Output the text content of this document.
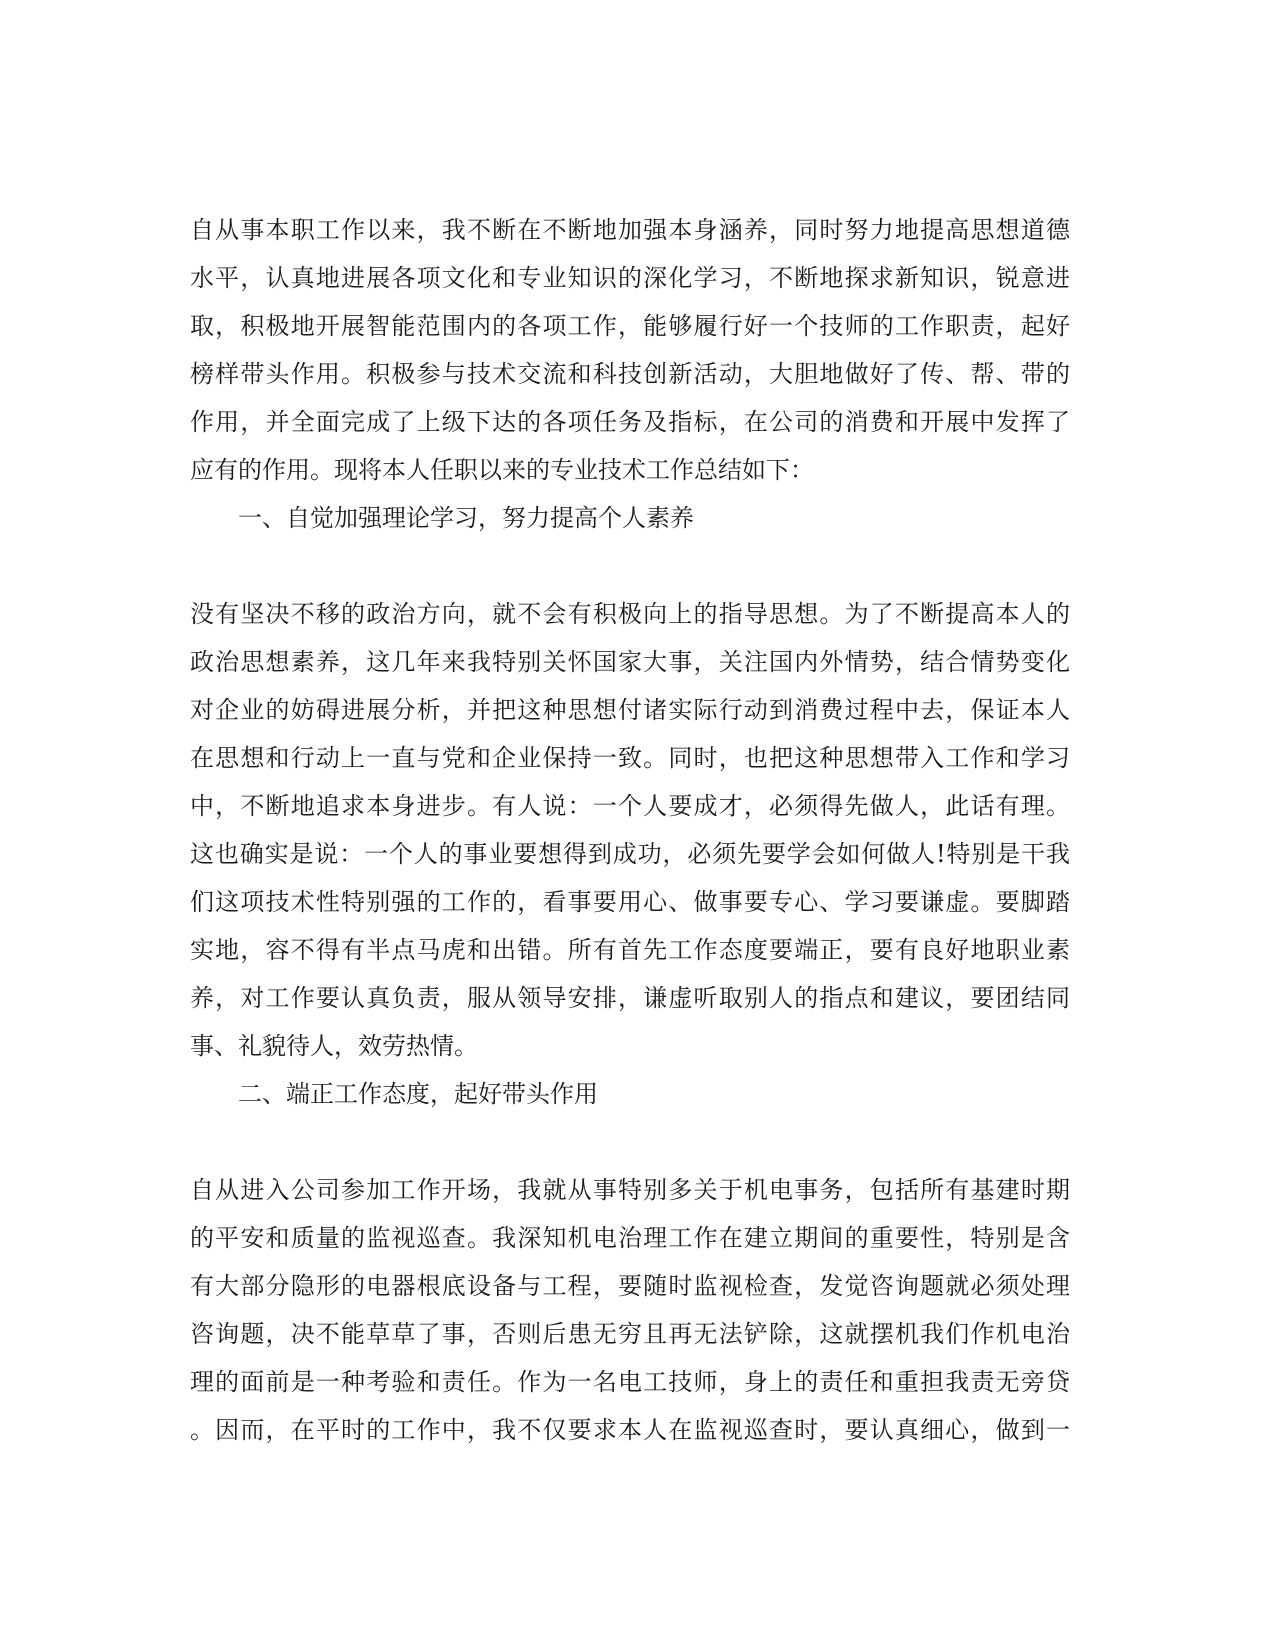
自从事本职工作以来，我不断在不断地加强本身涵养，同时努力地提高思想道德
水平，认真地进展各项文化和专业知识的深化学习，不断地探求新知识，锐意进
取，积极地开展智能范围内的各项工作，能够履行好一个技师的工作职责，起好
榜样带头作用。积极参与技术交流和科技创新活动，大胆地做好了传、帮、带的
作用，并全面完成了上级下达的各项任务及指标，在公司的消费和开展中发挥了
应有的作用。现将本人任职以来的专业技术工作总结如下：
一、自觉加强理论学习，努力提高个人素养
没有坚决不移的政治方向，就不会有积极向上的指导思想。为了不断提高本人的
政治思想素养，这几年来我特别关怀国家大事，关注国内外情势，结合情势变化
对企业的妨碍进展分析，并把这种思想付诸实际行动到消费过程中去，保证本人
在思想和行动上一直与党和企业保持一致。同时，也把这种思想带入工作和学习
中，不断地追求本身进步。有人说：一个人要成才，必须得先做人，此话有理。
这也确实是说：一个人的事业要想得到成功，必须先要学会如何做人!特别是干我
们这项技术性特别强的工作的，看事要用心、做事要专心、学习要谦虚。要脚踏
实地，容不得有半点马虎和出错。所有首先工作态度要端正，要有良好地职业素
养，对工作要认真负责，服从领导安排，谦虚听取别人的指点和建议，要团结同
事、礼貌待人，效劳热情。
二、端正工作态度，起好带头作用
自从进入公司参加工作开场，我就从事特别多关于机电事务，包括所有基建时期
的平安和质量的监视巡查。我深知机电治理工作在建立期间的重要性，特别是含
有大部分隐形的电器根底设备与工程，要随时监视检查，发觉咨询题就必须处理
咨询题，决不能草草了事，否则后患无穷且再无法铲除，这就摆机我们作机电治
理的面前是一种考验和责任。作为一名电工技师，身上的责任和重担我责无旁贷
。因而，在平时的工作中，我不仅要求本人在监视巡查时，要认真细心，做到一
